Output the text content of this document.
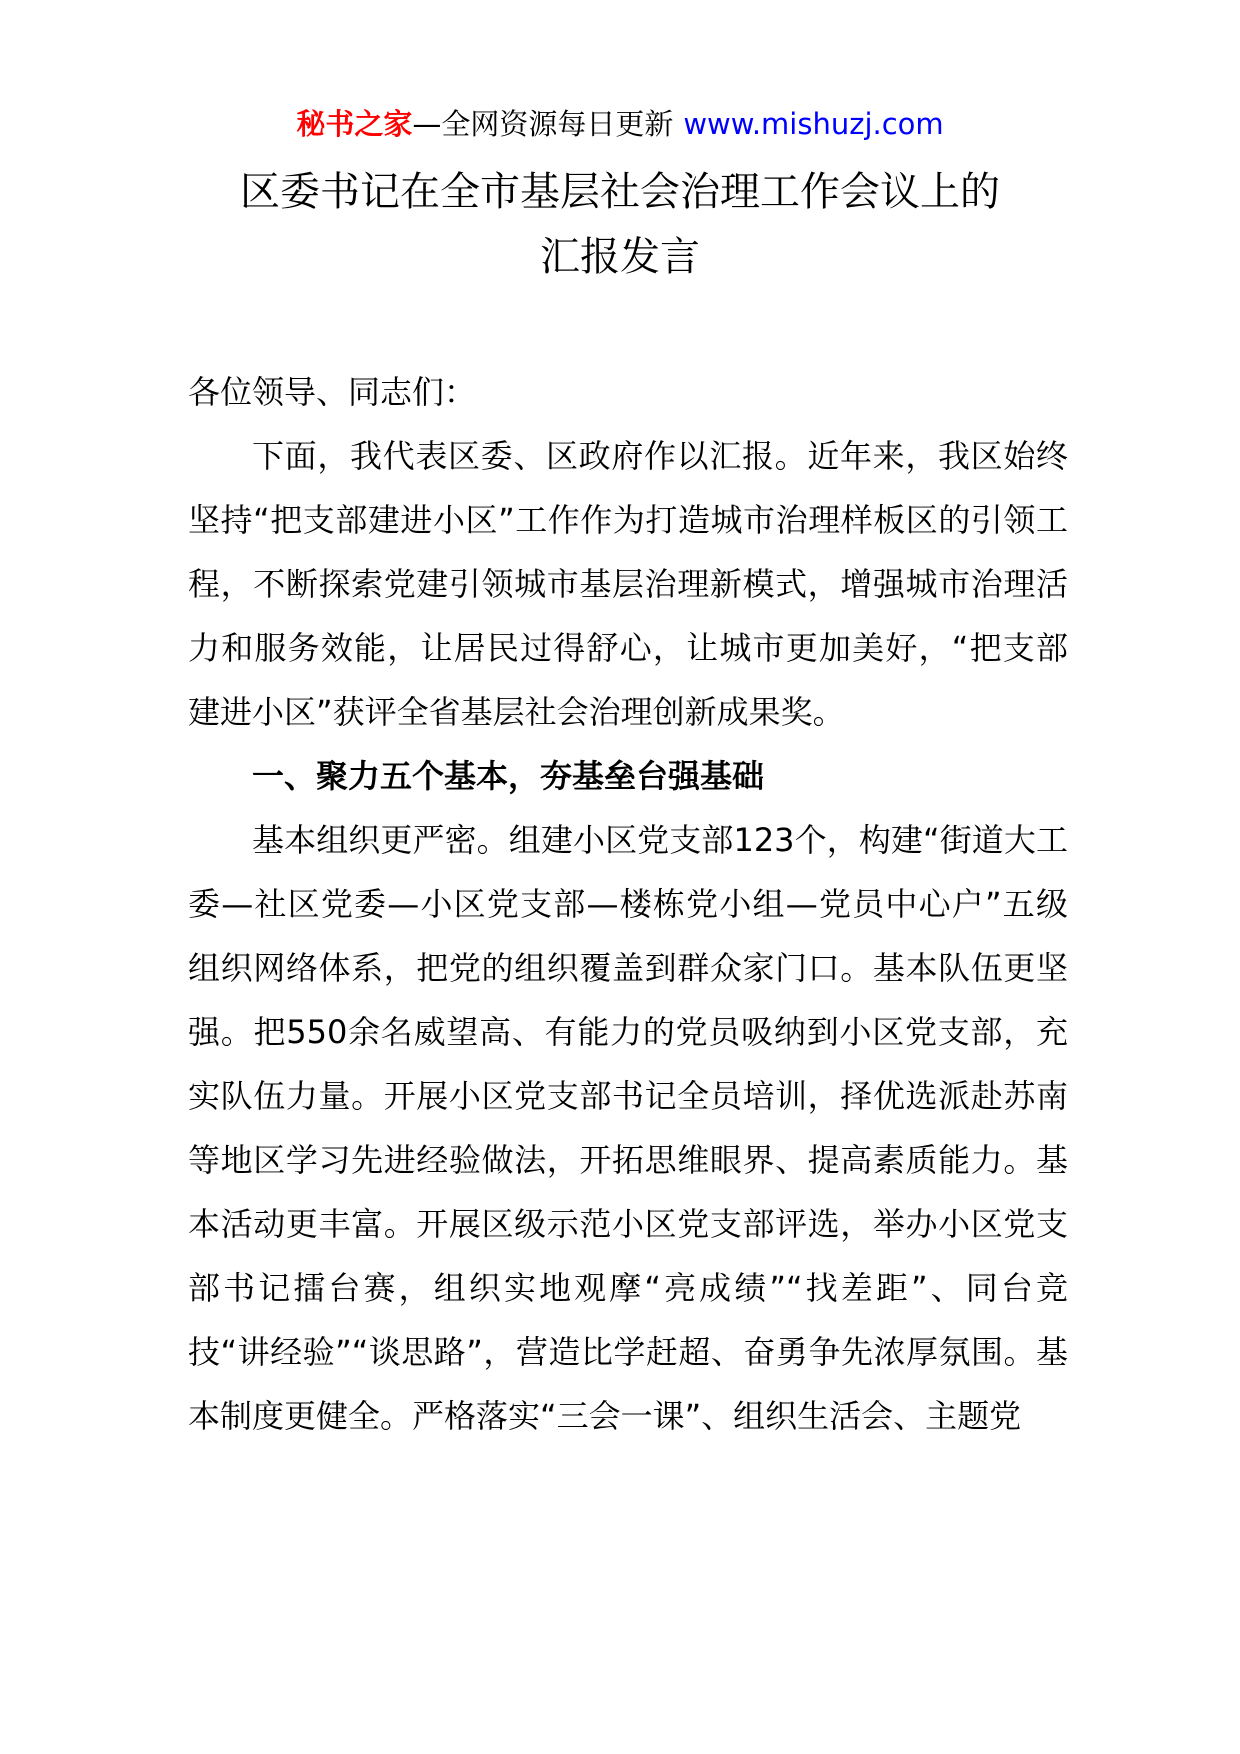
秘书之家—全网资源每日更新 www.mishuzj.com
区委书记在全市基层社会治理工作会议上的
汇报发言

各位领导、同志们：

下面，我代表区委、区政府作以汇报。近年来，我区始终坚持“把支部建进小区”工作作为打造城市治理样板区的引领工程，不断探索党建引领城市基层治理新模式，增强城市治理活力和服务效能，让居民过得舒心，让城市更加美好，“把支部建进小区”获评全省基层社会治理创新成果奖。

一、聚力五个基本，夯基垒台强基础

基本组织更严密。组建小区党支部123个，构建“街道大工委—社区党委—小区党支部—楼栋党小组—党员中心户”五级组织网络体系，把党的组织覆盖到群众家门口。基本队伍更坚强。把550余名威望高、有能力的党员吸纳到小区党支部，充实队伍力量。开展小区党支部书记全员培训，择优选派赴苏南等地区学习先进经验做法，开拓思维眼界、提高素质能力。基本活动更丰富。开展区级示范小区党支部评选，举办小区党支部书记擂台赛，组织实地观摩“亮成绩”“找差距”、同台竞技“讲经验”“谈思路”，营造比学赶超、奋勇争先浓厚氛围。基本制度更健全。严格落实“三会一课”、组织生活会、主题党
